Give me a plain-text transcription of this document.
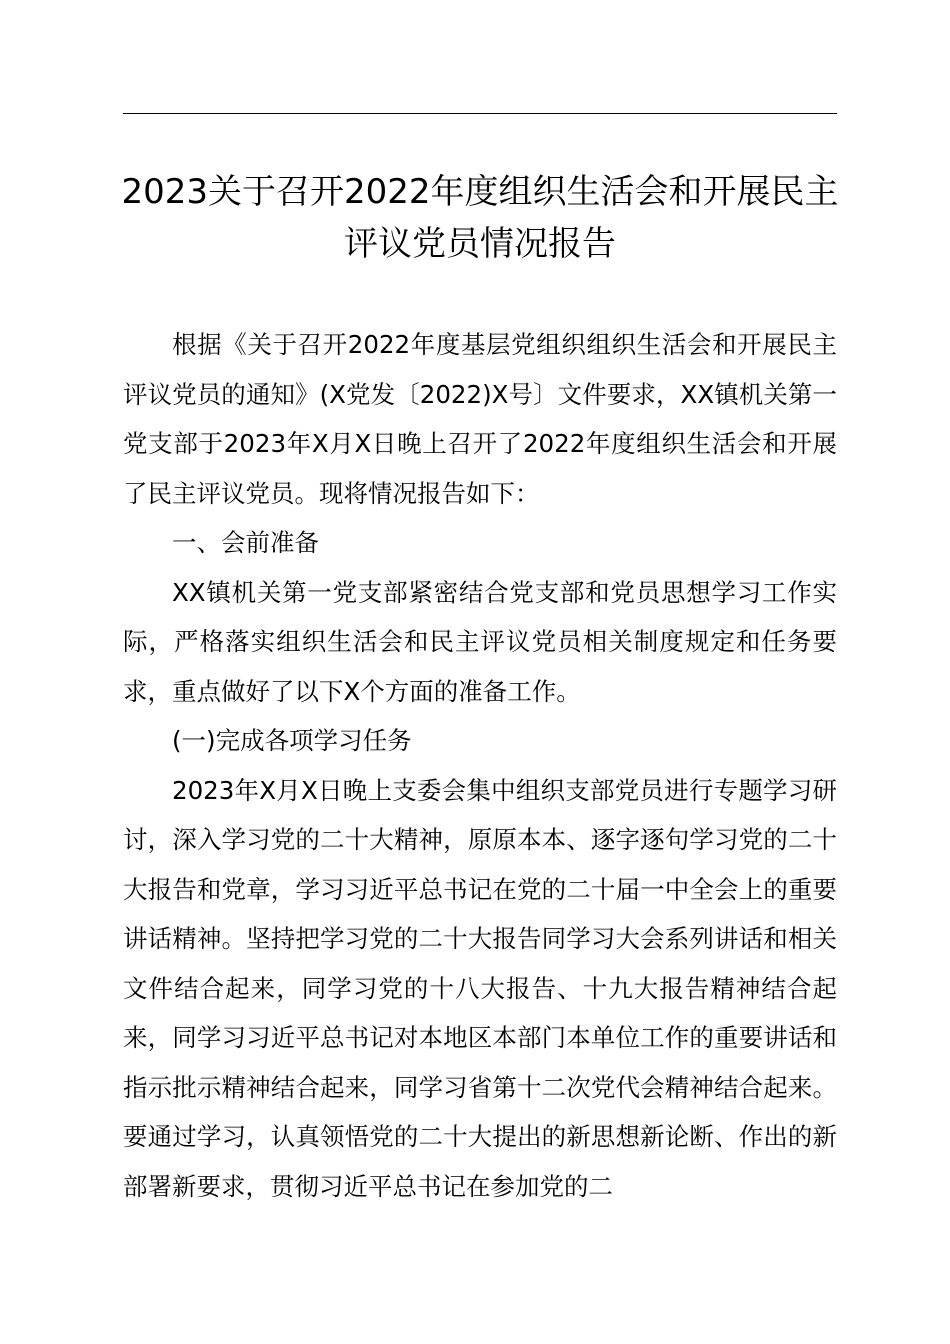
2023关于召开2022年度组织生活会和开展民主评议党员情况报告

根据《关于召开2022年度基层党组织组织生活会和开展民主评议党员的通知》(X党发〔2022)X号〕文件要求，XX镇机关第一党支部于2023年X月X日晚上召开了2022年度组织生活会和开展了民主评议党员。现将情况报告如下：

一、会前准备

XX镇机关第一党支部紧密结合党支部和党员思想学习工作实际，严格落实组织生活会和民主评议党员相关制度规定和任务要求，重点做好了以下X个方面的准备工作。

(一)完成各项学习任务

2023年X月X日晚上支委会集中组织支部党员进行专题学习研讨，深入学习党的二十大精神，原原本本、逐字逐句学习党的二十大报告和党章，学习习近平总书记在党的二十届一中全会上的重要讲话精神。坚持把学习党的二十大报告同学习大会系列讲话和相关文件结合起来，同学习党的十八大报告、十九大报告精神结合起来，同学习习近平总书记对本地区本部门本单位工作的重要讲话和指示批示精神结合起来，同学习省第十二次党代会精神结合起来。要通过学习，认真领悟党的二十大提出的新思想新论断、作出的新部署新要求，贯彻习近平总书记在参加党的二
